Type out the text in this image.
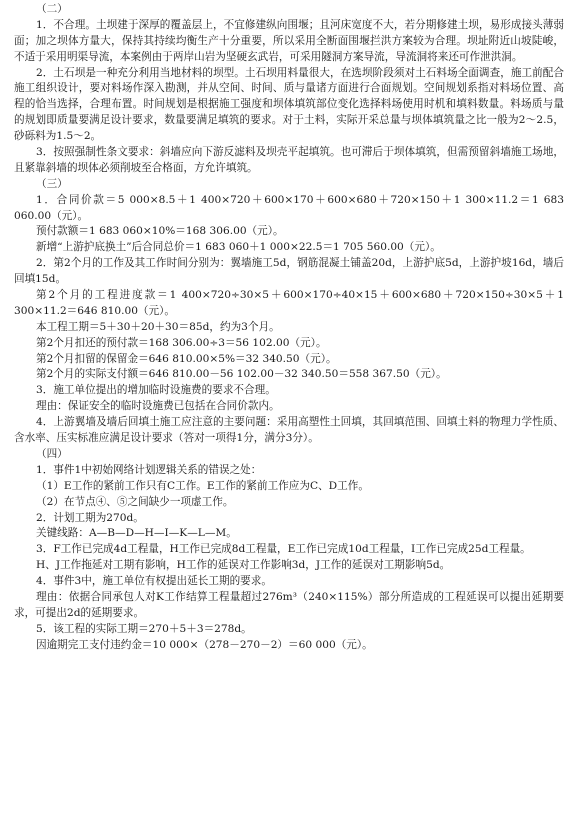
（二）

1．不合理。土坝建于深厚的覆盖层上，不宜修建纵向围堰；且河床宽度不大，若分期修建土坝，易形成接头薄弱面；加之坝体方量大，保持其持续均衡生产十分重要，所以采用全断面围堰拦洪方案较为合理。坝址附近山坡陡峻，不适于采用明渠导流，本案例由于两岸山岩为坚硬玄武岩，可采用隧洞方案导流，导流洞将来还可作泄洪洞。

2．土石坝是一种充分利用当地材料的坝型。土石坝用料量很大，在选坝阶段须对土石料场全面调查，施工前配合施工组织设计，要对料场作深入勘测，并从空间、时间、质与量诸方面进行合面规划。空间规划系指对料场位置、高程的恰当选择，合理布置。时间规划是根据施工强度和坝体填筑部位变化选择料场使用时机和填料数量。料场质与量的规划即质量要满足设计要求，数量要满足填筑的要求。对于土料，实际开采总量与坝体填筑量之比一般为2～2.5，砂砾料为1.5～2。

3．按照强制性条文要求：斜墙应向下游反滤料及坝壳平起填筑。也可滞后于坝体填筑，但需预留斜墙施工场地，且紧靠斜墙的坝体必须削坡至合格面，方允许填筑。

（三）

1．合同价款＝5 000×8.5＋1 400×720＋600×170＋600×680＋720×150＋1 300×11.2＝1 683 060.00（元）。

预付款额＝1 683 060×10%＝168 306.00（元）。

新增“上游护底换土”后合同总价＝1 683 060＋1 000×22.5＝1 705 560.00（元）。

2．第2个月的工作及其工作时间分别为：翼墙施工5d，钢筋混凝土铺盖20d，上游护底5d，上游护坡16d，墙后回填15d。

第2个月的工程进度款＝1 400×720÷30×5＋600×170÷40×15＋600×680＋720×150÷30×5＋1 300×11.2＝646 810.00（元）。

本工程工期＝5＋30＋20＋30＝85d，约为3个月。

第2个月扣还的预付款＝168 306.00÷3＝56 102.00（元）。

第2个月扣留的保留金＝646 810.00×5%＝32 340.50（元）。

第2个月的实际支付额＝646 810.00－56 102.00－32 340.50＝558 367.50（元）。

3．施工单位提出的增加临时设施费的要求不合理。

理由：保证安全的临时设施费已包括在合同价款内。

4．上游翼墙及墙后回填土施工应注意的主要问题：采用高塑性土回填，其回填范围、回填土料的物理力学性质、含水率、压实标准应满足设计要求（答对一项得1分，满分3分）。

（四）

1．事件1中初始网络计划逻辑关系的错误之处：

（1）E工作的紧前工作只有C工作。E工作的紧前工作应为C、D工作。

（2）在节点④、⑤之间缺少一项虚工作。

2．计划工期为270d。

关键线路：A—B—D—H—I—K—L—M。

3．F工作已完成4d工程量，H工作已完成8d工程量，E工作已完成10d工程量，I工作已完成25d工程量。

H、J工作拖延对工期有影响，H工作的延误对工作影响3d，J工作的延误对工期影响5d。

4．事件3中，施工单位有权提出延长工期的要求。

理由：依据合同承包人对K工作结算工程量超过276m³（240×115%）部分所造成的工程延误可以提出延期要求，可提出2d的延期要求。

5．该工程的实际工期＝270＋5＋3＝278d。

因逾期完工支付违约金＝10 000×（278－270－2）＝60 000（元）。
